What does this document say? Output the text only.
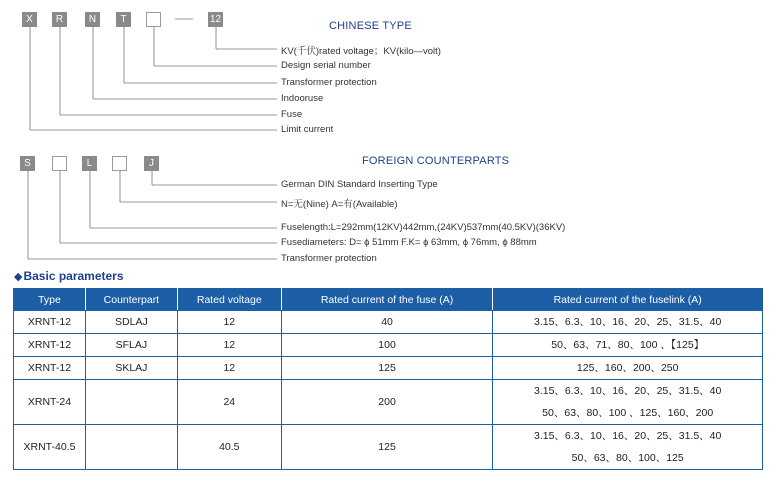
X	R	N	T	12
CHINESE TYPE
KV(千伏)rated voltage；KV(kilo—volt)
Design serial number
Transformer protection
Indooruse
Fuse
Limit current
S	L	J	FOREIGN COUNTERPARTS
German DIN Standard Inserting Type
N=无(Nine) A=有(Available)
Fuselength:L=292mm(12KV)442mm,(24KV)537mm(40.5KV)(36KV)
Fusediameters: D= ϕ 51mm F.K= ϕ 63mm, ϕ 76mm, ϕ 88mm
Transformer protection
◆Basic parameters
Type	Counterpart	Rated voltage	Rated current of the fuse (A)	Rated current of the fuselink (A)
XRNT-12	SDLAJ	12	40	3.15、6.3、10、16、20、25、31.5、40

XRNT-12	SFLAJ	12	100	50、63、71、80、100 、【125】

XRNT-12	SKLAJ	12	125	125、160、200、250

XRNT-24		24	200	3.15、6.3、10、16、20、25、31.5、40
50、63、80、100 、125、160、200

XRNT-40.5		40.5	125	3.15、6.3、10、16、20、25、31.5、40
50、63、80、100、125
